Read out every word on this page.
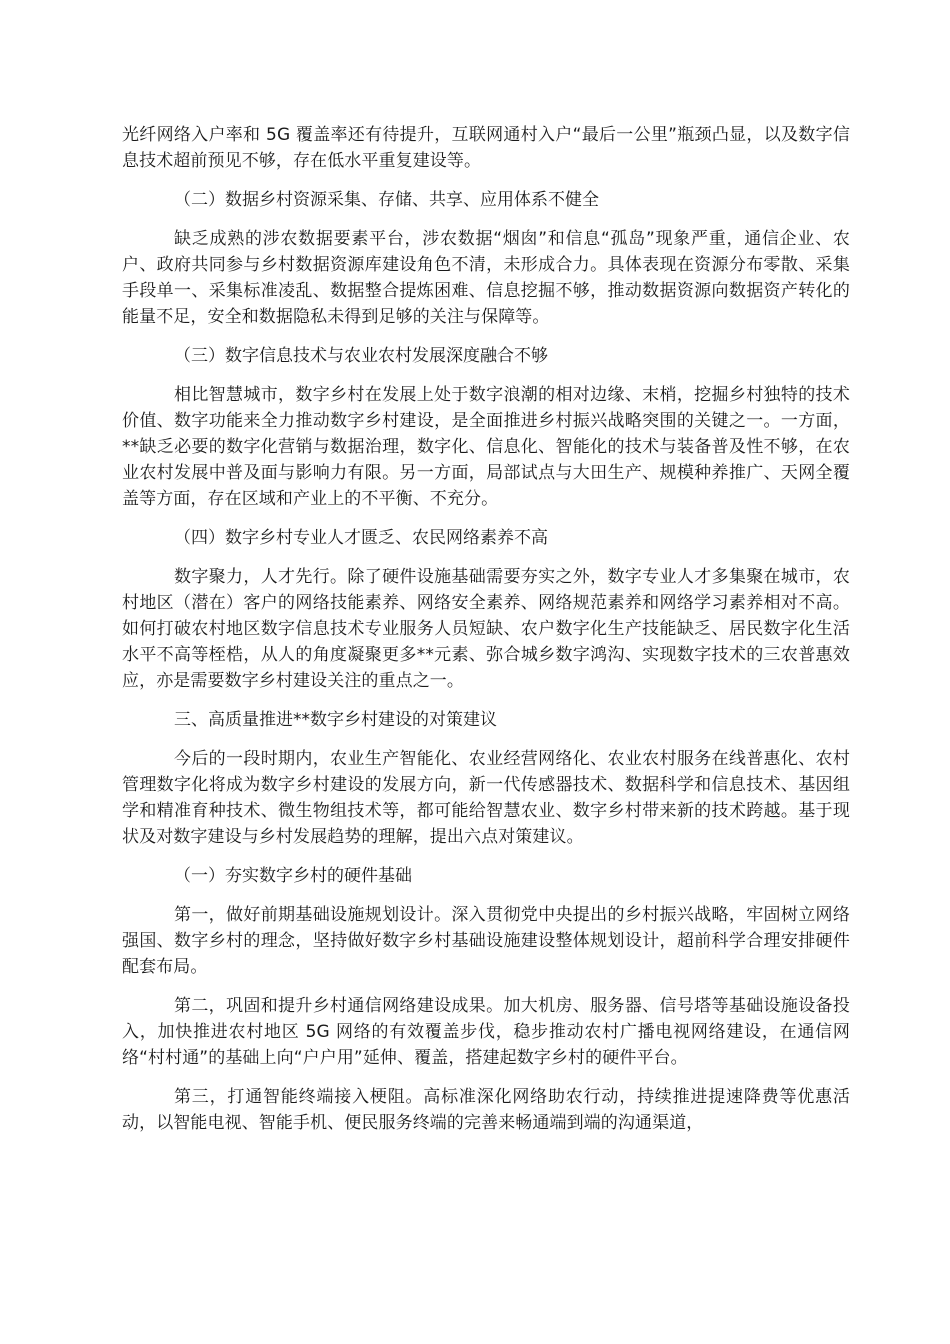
光纤网络入户率和 5G 覆盖率还有待提升，互联网通村入户“最后一公里”瓶颈凸显，以及数字信息技术超前预见不够，存在低水平重复建设等。

（二）数据乡村资源采集、存储、共享、应用体系不健全

缺乏成熟的涉农数据要素平台，涉农数据“烟囱”和信息“孤岛”现象严重，通信企业、农户、政府共同参与乡村数据资源库建设角色不清，未形成合力。具体表现在资源分布零散、采集手段单一、采集标准凌乱、数据整合提炼困难、信息挖掘不够，推动数据资源向数据资产转化的能量不足，安全和数据隐私未得到足够的关注与保障等。

（三）数字信息技术与农业农村发展深度融合不够

相比智慧城市，数字乡村在发展上处于数字浪潮的相对边缘、末梢，挖掘乡村独特的技术价值、数字功能来全力推动数字乡村建设，是全面推进乡村振兴战略突围的关键之一。一方面，**缺乏必要的数字化营销与数据治理，数字化、信息化、智能化的技术与装备普及性不够，在农业农村发展中普及面与影响力有限。另一方面，局部试点与大田生产、规模种养推广、天网全覆盖等方面，存在区域和产业上的不平衡、不充分。

（四）数字乡村专业人才匮乏、农民网络素养不高

数字聚力，人才先行。除了硬件设施基础需要夯实之外，数字专业人才多集聚在城市，农村地区（潜在）客户的网络技能素养、网络安全素养、网络规范素养和网络学习素养相对不高。如何打破农村地区数字信息技术专业服务人员短缺、农户数字化生产技能缺乏、居民数字化生活水平不高等桎梏，从人的角度凝聚更多**元素、弥合城乡数字鸿沟、实现数字技术的三农普惠效应，亦是需要数字乡村建设关注的重点之一。

三、高质量推进**数字乡村建设的对策建议

今后的一段时期内，农业生产智能化、农业经营网络化、农业农村服务在线普惠化、农村管理数字化将成为数字乡村建设的发展方向，新一代传感器技术、数据科学和信息技术、基因组学和精准育种技术、微生物组技术等，都可能给智慧农业、数字乡村带来新的技术跨越。基于现状及对数字建设与乡村发展趋势的理解，提出六点对策建议。

（一）夯实数字乡村的硬件基础

第一，做好前期基础设施规划设计。深入贯彻党中央提出的乡村振兴战略，牢固树立网络强国、数字乡村的理念，坚持做好数字乡村基础设施建设整体规划设计，超前科学合理安排硬件配套布局。

第二，巩固和提升乡村通信网络建设成果。加大机房、服务器、信号塔等基础设施设备投入，加快推进农村地区 5G 网络的有效覆盖步伐，稳步推动农村广播电视网络建设，在通信网络“村村通”的基础上向“户户用”延伸、覆盖，搭建起数字乡村的硬件平台。

第三，打通智能终端接入梗阻。高标准深化网络助农行动，持续推进提速降费等优惠活动，以智能电视、智能手机、便民服务终端的完善来畅通端到端的沟通渠道，
